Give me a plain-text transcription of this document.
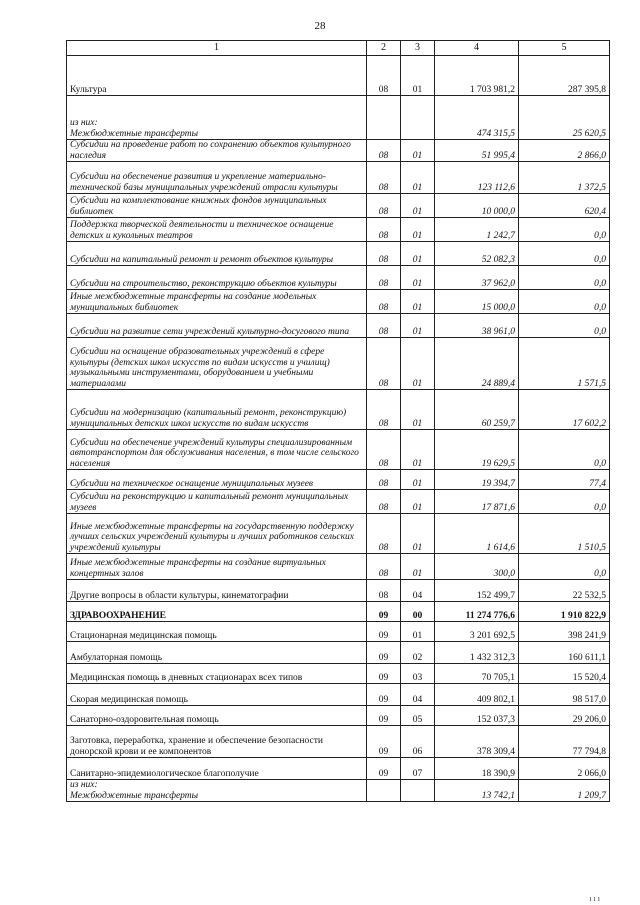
28
1	2	3	4	5
Культура	08	01	1 703 981,2	287 395,8
из них:
Межбюджетные трансферты			474 315,5	25 620,5
Субсидии на проведение работ по сохранению объектов культурного наследия	08	01	51 995,4	2 866,0
Субсидии на обеспечение развития и укрепление материально-технической базы муниципальных учреждений отрасли культуры	08	01	123 112,6	1 372,5
Субсидии на комплектование книжных фондов муниципальных библиотек	08	01	10 000,0	620,4
Поддержка творческой деятельности и техническое оснащение детских и кукольных театров	08	01	1 242,7	0,0
Субсидии на капитальный ремонт и ремонт объектов культуры	08	01	52 082,3	0,0
Субсидии на строительство, реконструкцию объектов культуры	08	01	37 962,0	0,0
Иные межбюджетные трансферты на создание модельных муниципальных библиотек	08	01	15 000,0	0,0
Субсидии на развитие сети учреждений культурно-досугового типа	08	01	38 961,0	0,0
Субсидии на оснащение образовательных учреждений в сфере культуры (детских школ искусств по видам искусств и училищ) музыкальными инструментами, оборудованием и учебными материалами	08	01	24 889,4	1 571,5
Субсидии на модернизацию (капитальный ремонт, реконструкцию) муниципальных детских школ искусств по видам искусств	08	01	60 259,7	17 602,2
Субсидии на обеспечение учреждений культуры специализированным автотранспортом для обслуживания населения, в том числе сельского населения	08	01	19 629,5	0,0
Субсидии на техническое оснащение муниципальных музеев	08	01	19 394,7	77,4
Субсидии на реконструкцию и капитальный ремонт муниципальных музеев	08	01	17 871,6	0,0
Иные межбюджетные трансферты на государственную поддержку лучших сельских учреждений культуры и лучших работников сельских учреждений культуры	08	01	1 614,6	1 510,5
Иные межбюджетные трансферты на создание виртуальных концертных залов	08	01	300,0	0,0
Другие вопросы в области культуры, кинематографии	08	04	152 499,7	22 532,5
ЗДРАВООХРАНЕНИЕ	09	00	11 274 776,6	1 910 822,9
Стационарная медицинская помощь	09	01	3 201 692,5	398 241,9
Амбулаторная помощь	09	02	1 432 312,3	160 611,1
Медицинская помощь в дневных стационарах всех типов	09	03	70 705,1	15 520,4
Скорая медицинская помощь	09	04	409 802,1	98 517,0
Санаторно-оздоровительная помощь	09	05	152 037,3	29 206,0
Заготовка, переработка, хранение и обеспечение безопасности донорской крови и ее компонентов	09	06	378 309,4	77 794,8
Санитарно-эпидемиологическое благополучие	09	07	18 390,9	2 066,0
из них:
Межбюджетные трансферты			13 742,1	1 209,7
ı ı ı
